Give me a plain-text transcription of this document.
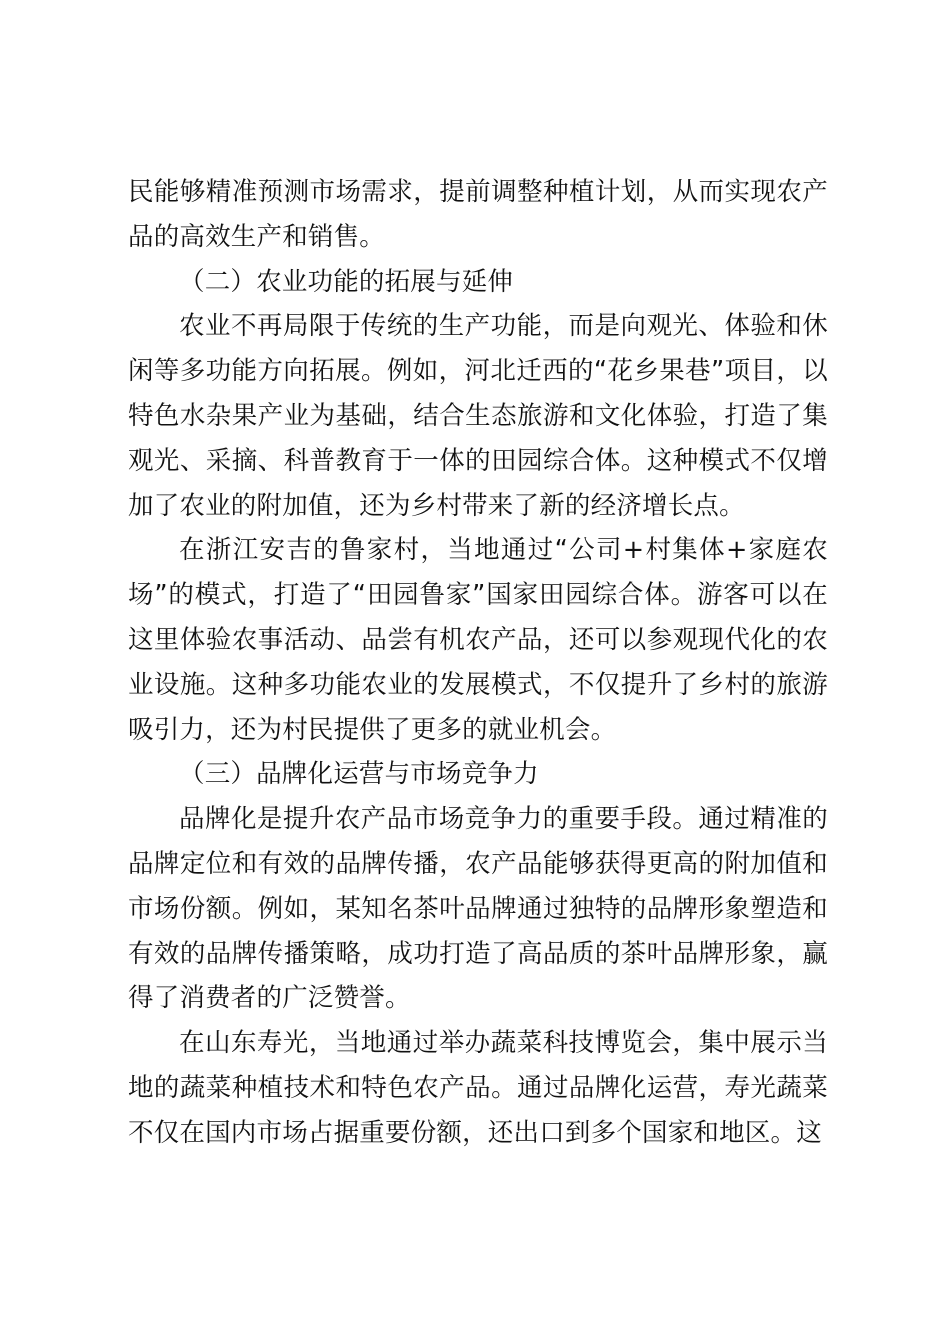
民能够精准预测市场需求，提前调整种植计划，从而实现农产品的高效生产和销售。

（二）农业功能的拓展与延伸

农业不再局限于传统的生产功能，而是向观光、体验和休闲等多功能方向拓展。例如，河北迁西的“花乡果巷”项目，以特色水杂果产业为基础，结合生态旅游和文化体验，打造了集观光、采摘、科普教育于一体的田园综合体。这种模式不仅增加了农业的附加值，还为乡村带来了新的经济增长点。

在浙江安吉的鲁家村，当地通过“公司+村集体+家庭农场”的模式，打造了“田园鲁家”国家田园综合体。游客可以在这里体验农事活动、品尝有机农产品，还可以参观现代化的农业设施。这种多功能农业的发展模式，不仅提升了乡村的旅游吸引力，还为村民提供了更多的就业机会。

（三）品牌化运营与市场竞争力

品牌化是提升农产品市场竞争力的重要手段。通过精准的品牌定位和有效的品牌传播，农产品能够获得更高的附加值和市场份额。例如，某知名茶叶品牌通过独特的品牌形象塑造和有效的品牌传播策略，成功打造了高品质的茶叶品牌形象，赢得了消费者的广泛赞誉。

在山东寿光，当地通过举办蔬菜科技博览会，集中展示当地的蔬菜种植技术和特色农产品。通过品牌化运营，寿光蔬菜不仅在国内市场占据重要份额，还出口到多个国家和地区。这
